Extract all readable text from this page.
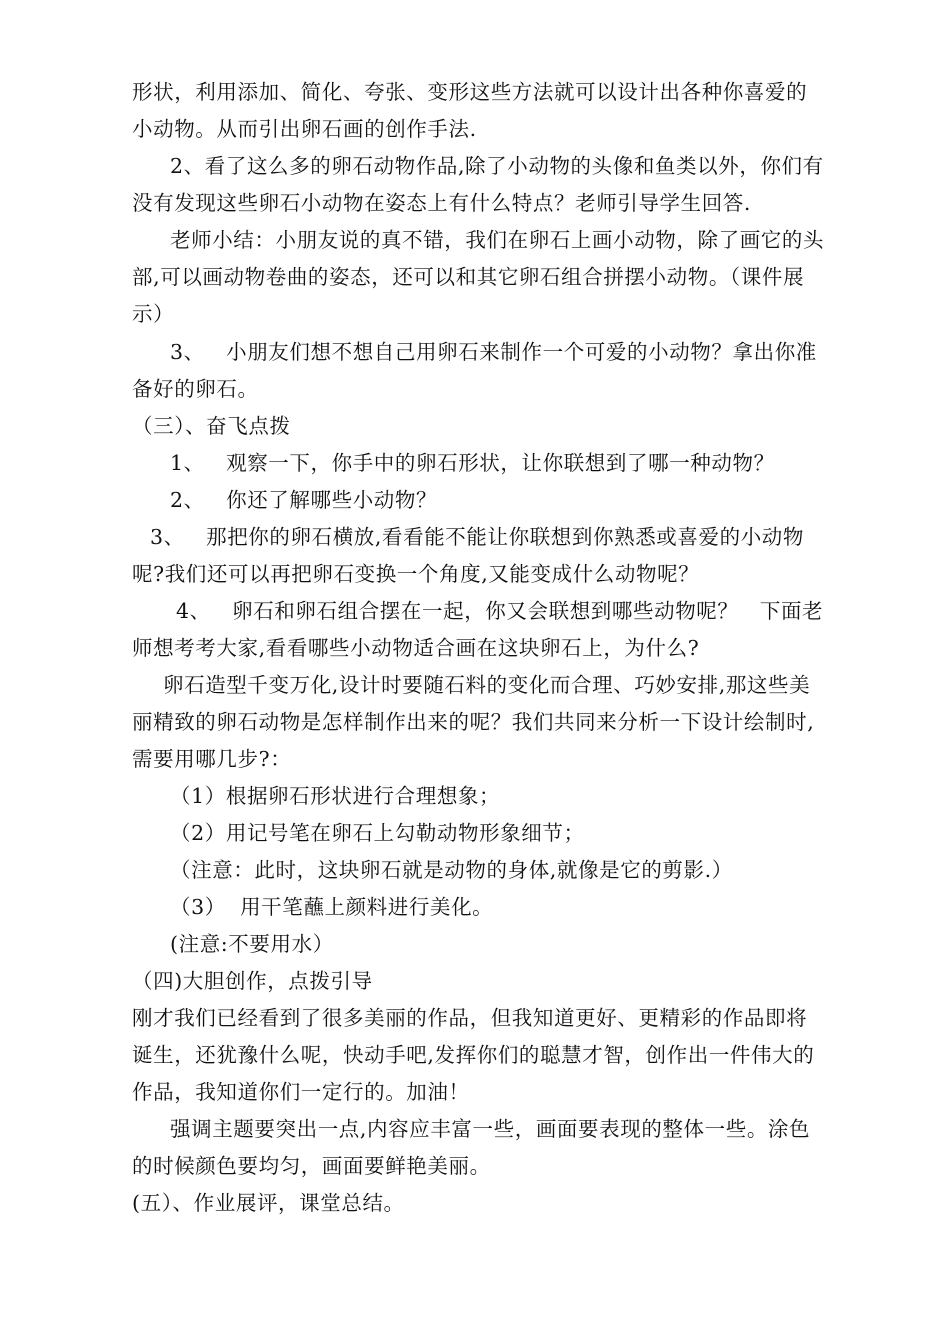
形状，利用添加、简化、夸张、变形这些方法就可以设计出各种你喜爱的
小动物。从而引出卵石画的创作手法.
2、看了这么多的卵石动物作品,除了小动物的头像和鱼类以外，你们有
没有发现这些卵石小动物在姿态上有什么特点？老师引导学生回答.
老师小结：小朋友说的真不错，我们在卵石上画小动物，除了画它的头
部,可以画动物卷曲的姿态，还可以和其它卵石组合拼摆小动物。（课件展
示）
3、   小朋友们想不想自己用卵石来制作一个可爱的小动物？拿出你准
备好的卵石。
（三）、奋飞点拨
1、   观察一下，你手中的卵石形状，让你联想到了哪一种动物？
2、   你还了解哪些小动物？
3、   那把你的卵石横放,看看能不能让你联想到你熟悉或喜爱的小动物
呢?我们还可以再把卵石变换一个角度,又能变成什么动物呢？
4、   卵石和卵石组合摆在一起，你又会联想到哪些动物呢？   下面老
师想考考大家,看看哪些小动物适合画在这块卵石上，为什么?
卵石造型千变万化,设计时要随石料的变化而合理、巧妙安排,那这些美
丽精致的卵石动物是怎样制作出来的呢？我们共同来分析一下设计绘制时,
需要用哪几步?：
（1）根据卵石形状进行合理想象；
（2）用记号笔在卵石上勾勒动物形象细节；
（注意：此时，这块卵石就是动物的身体,就像是它的剪影.）
（3）  用干笔蘸上颜料进行美化。
(注意:不要用水）
（四)大胆创作，点拨引导
刚才我们已经看到了很多美丽的作品，但我知道更好、更精彩的作品即将
诞生，还犹豫什么呢，快动手吧,发挥你们的聪慧才智，创作出一件伟大的
作品，我知道你们一定行的。加油！
强调主题要突出一点,内容应丰富一些，画面要表现的整体一些。涂色
的时候颜色要均匀，画面要鲜艳美丽。
(五）、作业展评，课堂总结。
